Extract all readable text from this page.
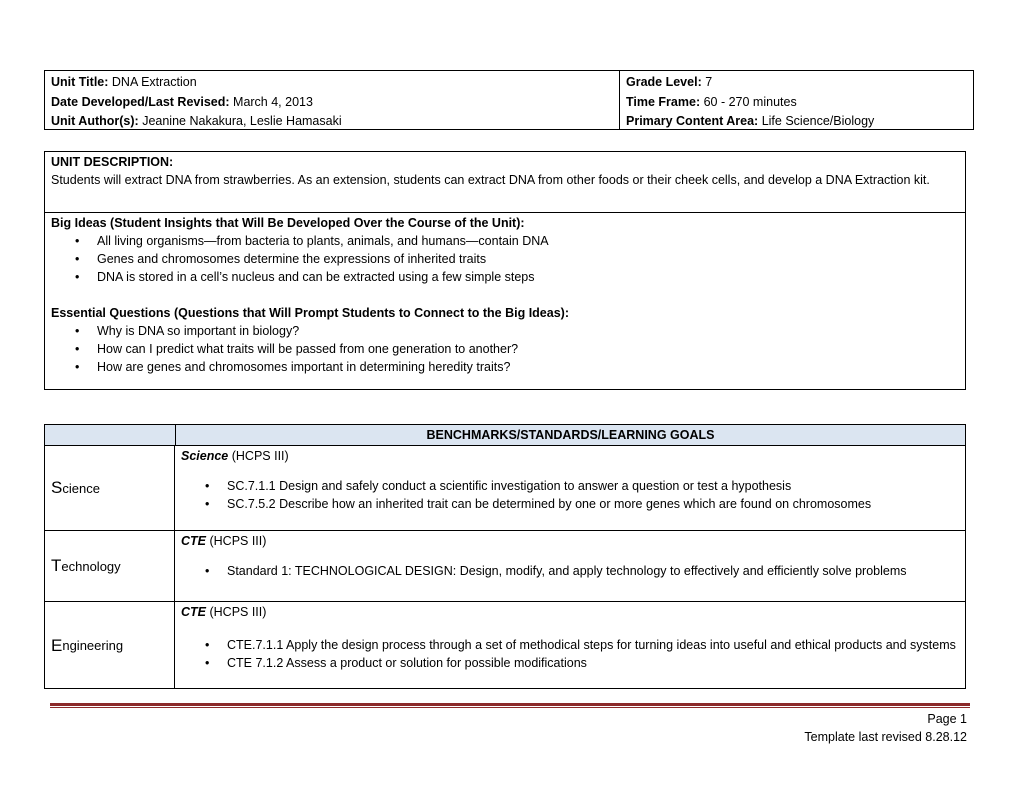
Unit Title: DNA Extraction
Date Developed/Last Revised: March 4, 2013
Unit Author(s): Jeanine Nakakura, Leslie Hamasaki
Grade Level: 7
Time Frame: 60 - 270 minutes
Primary Content Area: Life Science/Biology
UNIT DESCRIPTION:
Students will extract DNA from strawberries. As an extension, students can extract DNA from other foods or their cheek cells, and develop a DNA Extraction kit.
Big Ideas (Student Insights that Will Be Developed Over the Course of the Unit):
• All living organisms—from bacteria to plants, animals, and humans—contain DNA
• Genes and chromosomes determine the expressions of inherited traits
• DNA is stored in a cell’s nucleus and can be extracted using a few simple steps
Essential Questions (Questions that Will Prompt Students to Connect to the Big Ideas):
• Why is DNA so important in biology?
• How can I predict what traits will be passed from one generation to another?
• How are genes and chromosomes important in determining heredity traits?
BENCHMARKS/STANDARDS/LEARNING GOALS
S cience
Science (HCPS III)
• SC.7.1.1 Design and safely conduct a scientific investigation to answer a question or test a hypothesis
• SC.7.5.2 Describe how an inherited trait can be determined by one or more genes which are found on chromosomes
T echnology
CTE (HCPS III)
• Standard 1: TECHNOLOGICAL DESIGN: Design, modify, and apply technology to effectively and efficiently solve problems
E ngineering
CTE (HCPS III)
• CTE.7.1.1 Apply the design process through a set of methodical steps for turning ideas into useful and ethical products and systems
• CTE 7.1.2 Assess a product or solution for possible modifications
Page 1
Template last revised 8.28.12
